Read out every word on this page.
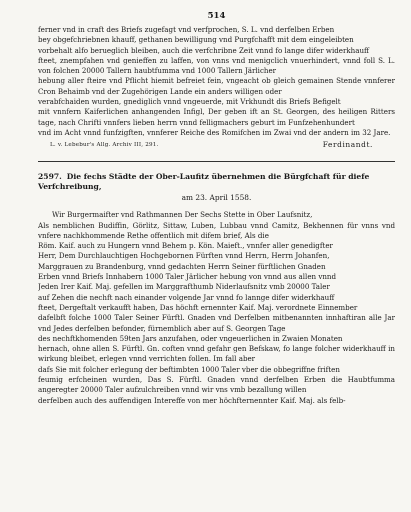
514
ferner vnd in craft des Briefs zugefagt vnd verfprochen, S. L. vnd derfelben Erben
bey obgefchriebnen khauff, gethanen bewilligung vnd Purgfchafft mit dem eingeleibten
vorbehalt alfo berueglich bleiben, auch die verfchribne Zeit vnnd fo lange difer widerkhauff
fteet, znempfahen vnd genieffen zu laffen, von vnns vnd menigclich vnuerhindert, vnnd foll S. L. von folchen 20000 Tallern haubtfumma vnd 1000 Tallern Järlicher
hebung aller fteire vnd Pflicht hiemit befreiet fein, vngeacht ob gleich gemainen Stende vnnferer Cron Behaimb vnd der Zugehörigen Lande ein anders willigen oder
verabfchaiden wurden, gnediglich vnnd vngeuerde, mit Vrkhundt dis Briefs Befigelt
mit vnnfern Kaiferlichen anhangenden Infigl, Der geben ift an St. Georgen, des heiligen Ritters tage, nach Chrifti vnnfers lieben herrn vnnd felligmachers geburt im Funfzehenhundert
vnd im Acht vnnd funfzigften, vnnferer Reiche des Romifchen im Zwai vnd der andern im 32 Jare.
L. v. Lebebur's Allg. Archiv III, 291.	Ferdinandt.
2597. Die fechs Städte der Ober-Laufitz übernehmen die Bürgfchaft für diefe Verfchreibung,
am 23. April 1558.
Wir Burgermaifter vnd Rathmannen Der Sechs Stette in Ober Laufsnitz,
Als nemblichen Budiffin, Görlitz, Sittaw, Luben, Lubbau vnnd Camitz, Bekhennen für vnns vnd vnfere nachkhommende Rethe offentlich mit difem brief, Als die
Röm. Kaif. auch zu Hungern vnnd Behem p. Kön. Maieft., vnnfer aller genedigfter
Herr, Dem Durchlauchtigen Hochgebornen Fürften vnnd Herrn, Herrn Johanfen,
Marggrauen zu Brandenburg, vnnd gedachten Herrn Seiner fürftlichen Gnaden
Erben vnnd Briefs Innhabern 1000 Taler Järlicher hebung von vnnd aus allen vnnd
Jeden Irer Kaif. Maj. gefellen im Marggrafthumb Niderlaufsnitz vmb 20000 Taler
auf Zehen die nechft nach einander volgende Jar vnnd fo lannge difer widerkhauff
fteet, Dergeftalt verkaufft haben, Das höchft ernennter Kaif. Maj. verordnete Einnember
dafelbft folche 1000 Taler Seiner Fürftl. Gnaden vnd Derfelben mitbenannten innhaftiran alle Jar vnd Jedes derfelben befonder, fürnemblich aber auf S. Georgen Tage
des nechftkhomenden 59ten Jars anzufahen, oder vngeuerlichen in Zwaien Monaten
hernach, ohne allen S. Fürftl. Gn. coften vnnd gefahr gen Befskaw, fo lange folcher widerkhauff in wirkung bleibet, erlegen vnnd verrichten follen. Im fall aber
dafs Sie mit folcher erlegung der beftimbten 1000 Taler vber die obbegriffne friften
feumig erfcheinen wurden, Das S. Fürftl. Gnaden vnnd derfelben Erben die Haubtfumma angeregter 20000 Taler aufzulchreiben vnnd wir vns vmb bezallung willen
derfelben auch des auffendigen Intereffe von mer höchfternennter Kaif. Maj. als felb-
